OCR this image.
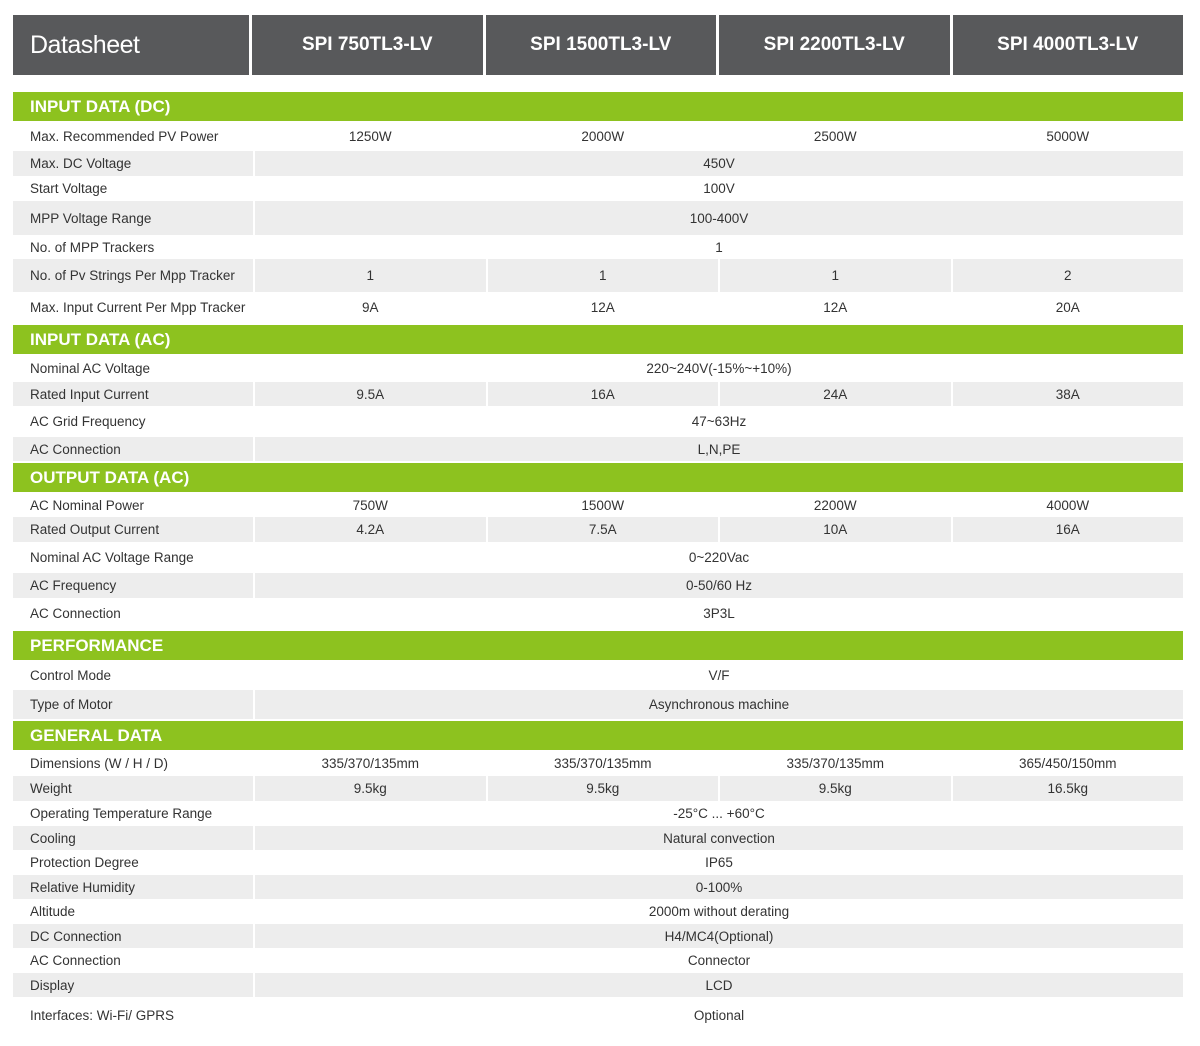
Datasheet	SPI 750TL3-LV	SPI 1500TL3-LV	SPI 2200TL3-LV	SPI 4000TL3-LV
INPUT DATA (DC)
Max. Recommended PV Power	1250W	2000W	2500W	5000W
Max. DC Voltage	450V
Start Voltage	100V
MPP Voltage Range	100-400V
No. of MPP Trackers	1
No. of Pv Strings Per Mpp Tracker	1	1	1	2
Max. Input Current Per Mpp Tracker	9A	12A	12A	20A
INPUT DATA (AC)
Nominal AC Voltage	220~240V(-15%~+10%)
Rated Input Current	9.5A	16A	24A	38A
AC Grid Frequency	47~63Hz
AC Connection	L,N,PE
OUTPUT DATA (AC)
AC Nominal Power	750W	1500W	2200W	4000W
Rated Output Current	4.2A	7.5A	10A	16A
Nominal AC Voltage Range	0~220Vac
AC Frequency	0-50/60 Hz
AC Connection	3P3L
PERFORMANCE
Control Mode	V/F
Type of Motor	Asynchronous machine
GENERAL DATA
Dimensions (W / H / D)	335/370/135mm	335/370/135mm	335/370/135mm	365/450/150mm
Weight	9.5kg	9.5kg	9.5kg	16.5kg
Operating Temperature Range	-25°C ... +60°C
Cooling	Natural convection
Protection Degree	IP65
Relative Humidity	0-100%
Altitude	2000m without derating
DC Connection	H4/MC4(Optional)
AC Connection	Connector
Display	LCD
Interfaces: Wi-Fi/ GPRS	Optional
